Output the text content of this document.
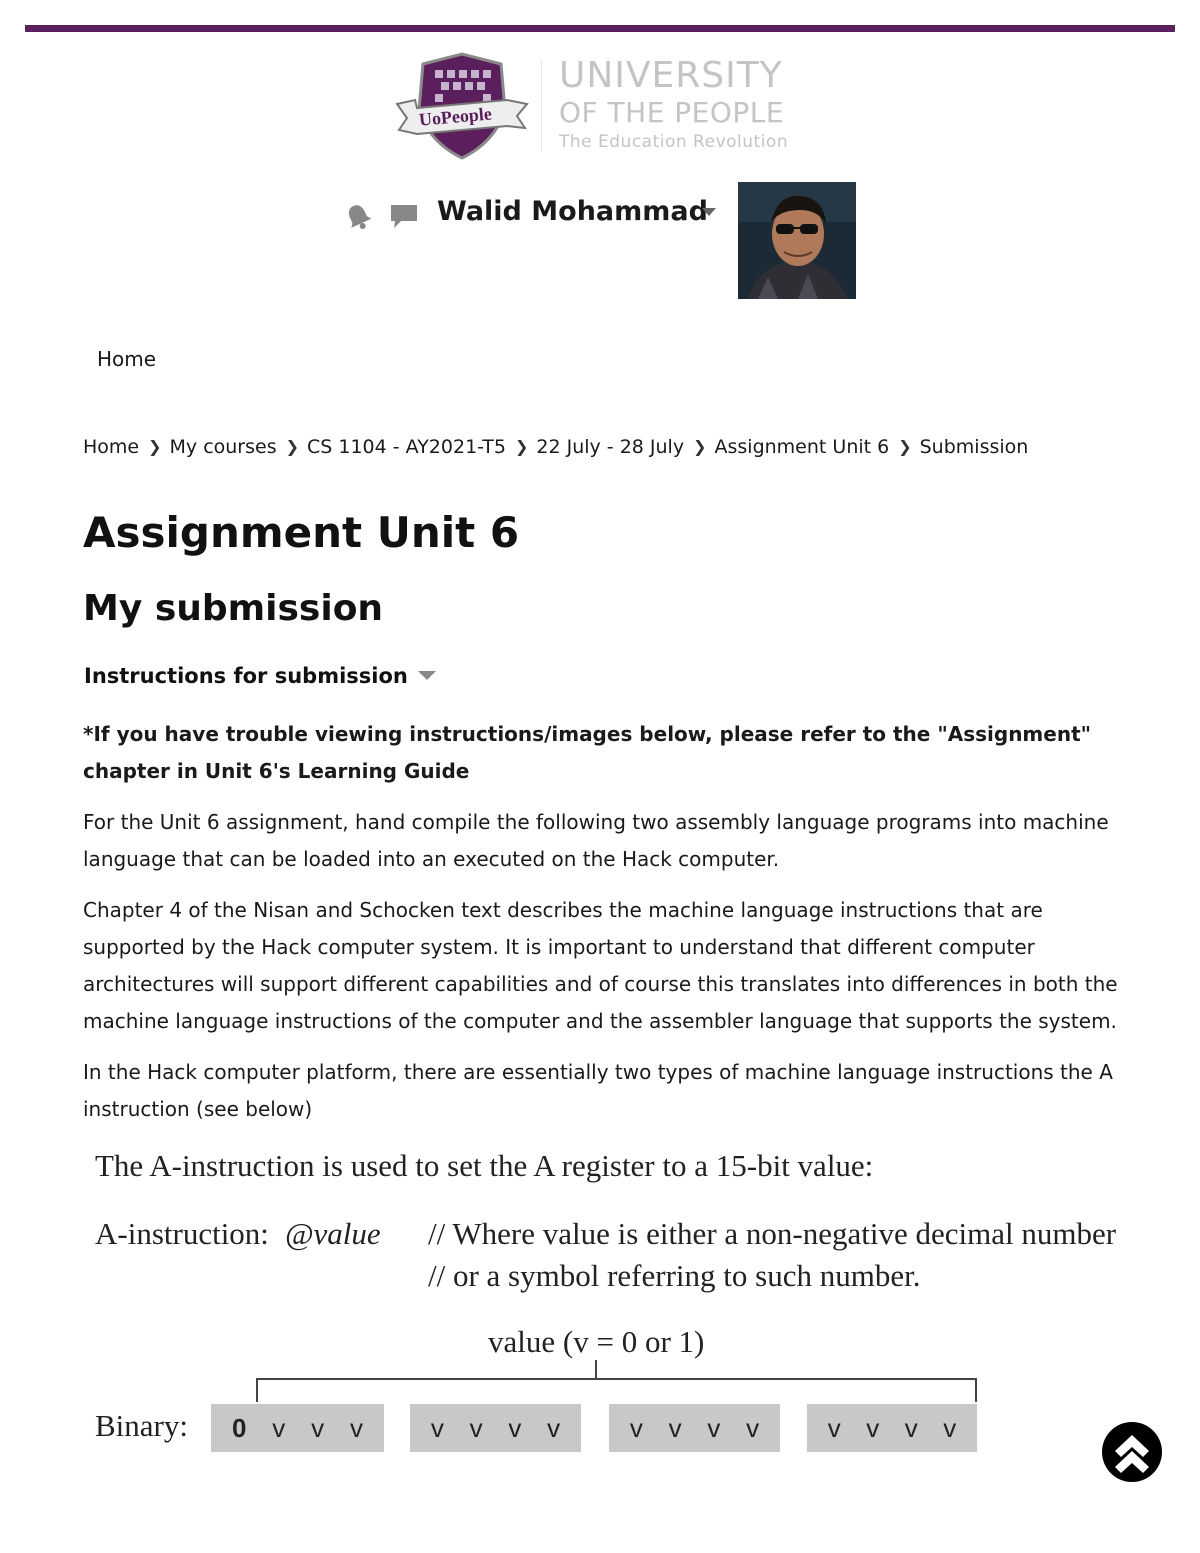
UoPeople
UNIVERSITY
OF THE PEOPLE
The Education Revolution
Walid Mohammad
Home
Home ❯ My courses ❯ CS 1104 - AY2021-T5 ❯ 22 July - 28 July ❯ Assignment Unit 6 ❯ Submission
Assignment Unit 6
My submission
Instructions for submission

*If you have trouble viewing instructions/images below, please refer to the "Assignment" chapter in Unit 6's Learning Guide

For the Unit 6 assignment, hand compile the following two assembly language programs into machine language that can be loaded into an executed on the Hack computer.

Chapter 4 of the Nisan and Schocken text describes the machine language instructions that are supported by the Hack computer system. It is important to understand that different computer architectures will support different capabilities and of course this translates into differences in both the machine language instructions of the computer and the assembler language that supports the system.

In the Hack computer platform, there are essentially two types of machine language instructions the A instruction (see below)

The A-instruction is used to set the A register to a 15-bit value:
A-instruction: @value // Where value is either a non-negative decimal number
// or a symbol referring to such number.
value (v = 0 or 1)
Binary: 0 v v v	v v v v	v v v v	v v v v
